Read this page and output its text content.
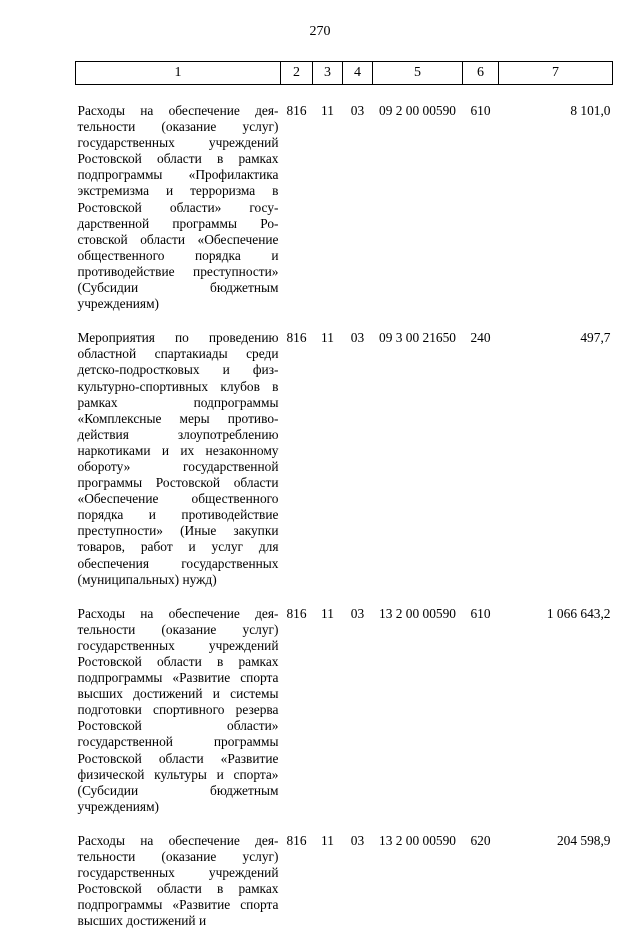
270
1	2	3	4	5	6	7

Расходы на обеспечение деятельности (оказание услуг) государственных учреждений Ростовской области в рамках подпрограммы «Профилактика экстремизма и терроризма в Ростовской области» государственной программы Ростовской области «Обеспечение общественного порядка и противодействие преступности» (Субсидии бюджетным учреждениям)	816	11	03	09 2 00 00590	610	8 101,0

Мероприятия по проведению областной спартакиады среди детско-подростковых и физкультурно-спортивных клубов в рамках подпрограммы «Комплексные меры противодействия злоупотреблению наркотиками и их незаконному обороту» государственной программы Ростовской области «Обеспечение общественного порядка и противодействие преступности» (Иные закупки товаров, работ и услуг для обеспечения государственных (муниципальных) нужд)	816	11	03	09 3 00 21650	240	497,7

Расходы на обеспечение деятельности (оказание услуг) государственных учреждений Ростовской области в рамках подпрограммы «Развитие спорта высших достижений и системы подготовки спортивного резерва Ростовской области» государственной программы Ростовской области «Развитие физической культуры и спорта» (Субсидии бюджетным учреждениям)	816	11	03	13 2 00 00590	610	1 066 643,2

Расходы на обеспечение деятельности (оказание услуг) государственных учреждений Ростовской области в рамках подпрограммы «Развитие спорта высших достижений и	816	11	03	13 2 00 00590	620	204 598,9
